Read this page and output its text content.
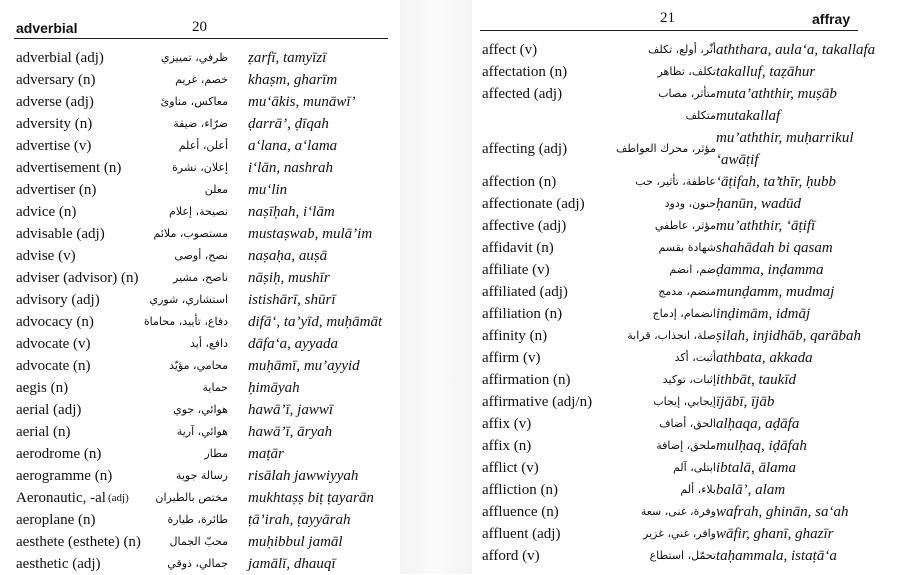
adverbial	20
adverbial (adj)	ظرفي، تمييزي ẓarfī, tamyīzī
adversary (n)	خصم، غريم khaṣm, gharīm
adverse (adj)	معاكس، مناوئ mu‘ākis, munāwī’
adversity (n)	ضرّاء، ضيقة ḍarrā’, ḍīqah
advertise (v)	أعلن، أعلم a‘lana, a‘lama
advertisement (n)	إعلان، نشرة i‘lān, nashrah
advertiser (n)	معلن mu‘lin
advice (n)	نصيحة، إعلام naṣīḥah, i‘lām
advisable (adj)	مستصوب، ملائم mustaṣwab, mulā’im
advise (v)	نصح، أوصى naṣaḥa, auṣā
adviser (advisor) (n)	ناصح، مشير nāṣiḥ, mushīr
advisory (adj)	استشاري، شوري istishārī, shūrī
advocacy (n)	دفاع، تأييد، محاماة difā‘, ta’yīd, muḥāmāt
advocate (v)	دافع، أيد dāfa‘a, ayyada
advocate (n)	محامي، مؤيّد muḥāmī, mu’ayyid
aegis (n)	حماية ḥimāyah
aerial (adj)	هوائي، جوي hawā’ī, jawwī
aerial (n)	هوائي، آرية hawā’ī, āryah
aerodrome (n)	مطار maṭār
aerogramme (n)	رسالة جوية risālah jawwiyyah
Aeronautic, -al (adj) مختص بالطيران mukhtaṣṣ biṭ ṭayarān
aeroplane (n)	طائرة، طيارة ṭā’irah, ṭayyārah
aesthete (esthete) (n)	محبّ الجمال muḥibbul jamāl
aesthetic (adj)	جمالي، ذوقي jamālī, dhauqī
21	affray
affect (v)	أثّر، أولع، تكلف aththara, aula‘a, takallafa
affectation (n)	تكلف، تظاهر takalluf, taẓāhur
affected (adj)	متأثر، مصاب muta’aththir, muṣāb
متكلف mutakallaf
affecting (adj)	مؤثر، محرك العواطف
mu’aththir, muḥarrikul
‘awāṭif
affection (n)	عاطفة، تأثير، حب ‘āṭifah, ta’thīr, ḥubb
affectionate (adj)	حنون، ودود ḥanūn, wadūd
affective (adj)	مؤثر، عاطفي mu’aththir, ‘āṭifī
affidavit (n)	شهادة بقسم shahādah bi qasam
affiliate (v)	ضم، انضم ḍamma, inḍamma
affiliated (adj)	منضم، مدمج munḍamm, mudmaj
affiliation (n)	انضمام، إدماج inḍimām, idmāj
affinity (n)	صلة، انجذاب، قرابة ṣilah, injidhāb, qarābah
affirm (v)	أثبت، أكد athbata, akkada
affirmation (n)	إثبات، توكيد ithbāt, taukīd
affirmative (adj/n)	إيجابي، إيجاب ījābī, ījāb
affix (v)	الحق، أضاف alḥaqa, aḍāfa
affix (n)	ملحق، إضافة mulḥaq, iḍāfah
afflict (v)	ابتلى، آلم ibtalā, ālama
affliction (n)	بلاء، ألم balā’, alam
affluence (n)	وفرة، غنى، سعة wafrah, ghinān, sa‘ah
affluent (adj)	وافر، غني، غزير wāfir, ghanī, ghazīr
afford (v)	تحمّل، استطاع taḥammala, istaṭā‘a
